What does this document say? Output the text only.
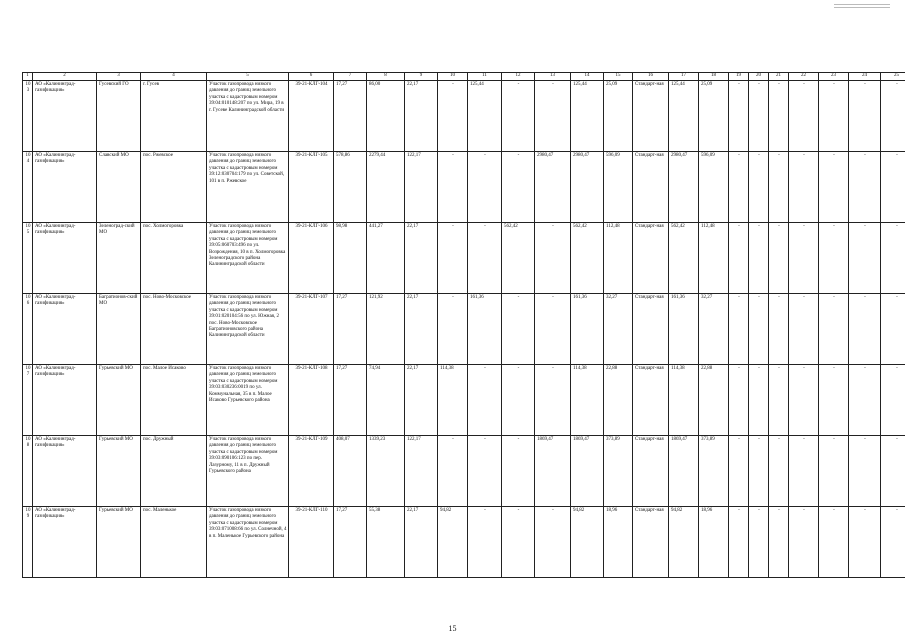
1	2	3	4	5	6	7	8	9	10	11	12	13	14	15	16	17	18	19	20	21	22	23	24	25
103	АО «Калининград-газификация»	Гусевский ГО	г. Гусев	Участок газопровода низкого давления до границ земельного участка с кадастровым номером 39:04:010148:207 по ул. Мира, 19 в г. Гусеве Калининградской области	39-21-КЛГ-104	17,27	86,00	22,17	-	125,44	-	-	125,44	25,09	Стандарт-ная	125,44	25,09	-	-	-	-	-	-	-
104	АО «Калининград-газификация»	Славский МО	пос. Ржевское	Участок газопровода низкого давления до границ земельного участка с кадастровым номером 39:12:030704:179 по ул. Советской, 101 в п. Ржевское	39-21-КЛГ-105	578,86	2279,44	122,17	-	-	-	2980,47	2980,47	596,09	Стандарт-ная	2980,47	596,09	-	-	-	-	-	-	-
105	АО «Калининград-газификация»	Зеленоград-ский МО	пос. Холмогоровка	Участок газопровода низкого давления до границ земельного участка с кадастровым номером 39:05:060703:496 по ул. Возрождения, 10 в п. Холмогоровка Зеленоградского района Калининградской области	39-21-КЛГ-106	98,98	441,27	22,17	-	-	562,42	-	562,42	112,48	Стандарт-ная	562,42	112,48	-	-	-	-	-	-	-
106	АО «Калининград-газификация»	Багратионов-ский МО	пос. Ново-Московское	Участок газопровода низкого давления до границ земельного участка с кадастровым номером 39:01:020104:56 по ул. Южная, 2 пос. Ново-Московское Багратионовского района Калининградской области	39-21-КЛГ-107	17,27	121,92	22,17	-	161,36	-	-	161,36	32,27	Стандарт-ная	161,36	32,27	-	-	-	-	-	-	-
107	АО «Калининград-газификация»	Гурьевский МО	пос. Малое Исаково	Участок газопровода низкого давления до границ земельного участка с кадастровым номером 39:03:030236:0019 по ул. Коммунальная, 35 в п. Малое Исаково Гурьевского района	39-21-КЛГ-108	17,27	74,94	22,17	114,38	-	-	-	114,38	22,88	Стандарт-ная	114,38	22,88	-	-	-	-	-	-	-
108	АО «Калининград-газификация»	Гурьевский МО	пос. Дружный	Участок газопровода низкого давления до границ земельного участка с кадастровым номером 39:03:090106:123 по пер. Лазурному, 11 в п. Дружный Гурьевского района	39-21-КЛГ-109	408,07	1339,23	122,17	-	-	-	1869,47	1869,47	373,89	Стандарт-ная	1869,47	373,89	-	-	-	-	-	-	-
109	АО «Калининград-газификация»	Гурьевский МО	пос. Маленькое	Участок газопровода низкого давления до границ земельного участка с кадастровым номером 39:03:071008:66 по ул. Солнечной, 4 в п. Маленькое Гурьевского района	39-21-КЛГ-110	17,27	55,38	22,17	94,82	-	-	-	94,82	18,96	Стандарт-ная	94,82	18,96	-	-	-	-	-	-	-
15
